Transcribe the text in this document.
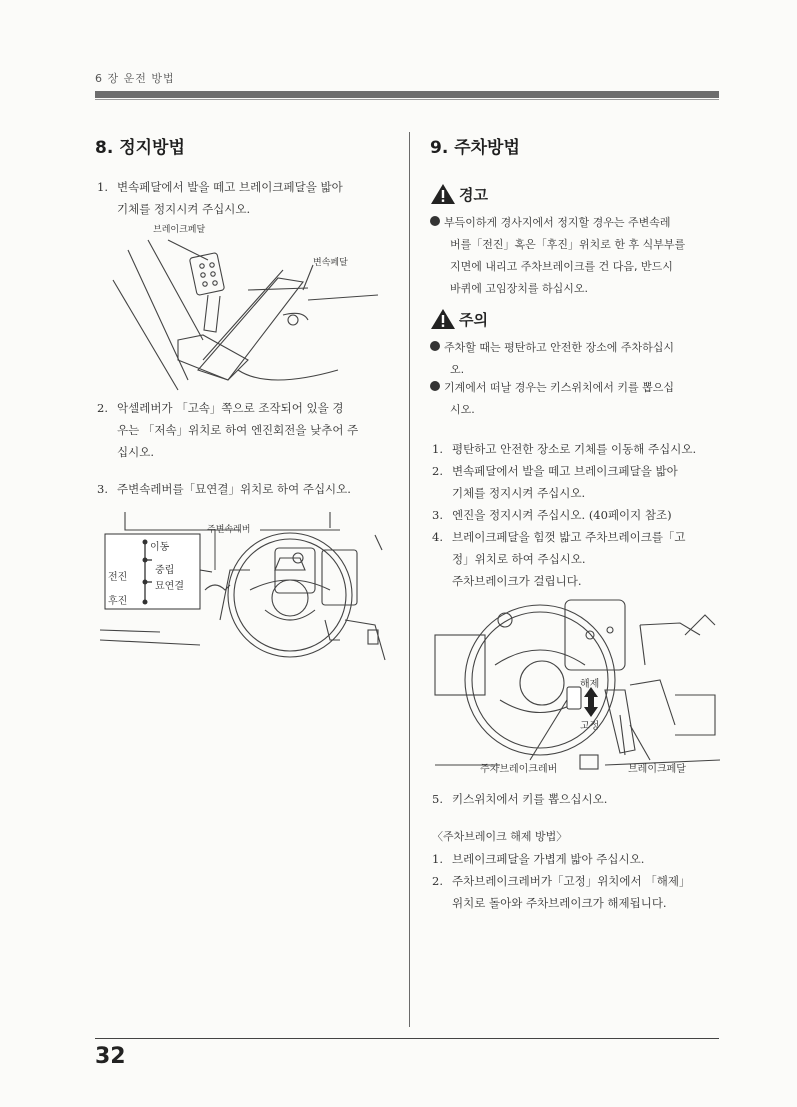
6 장 운전 방법
8. 정지방법
1. 변속페달에서 발을 떼고 브레이크페달을 밟아
기체를 정지시켜 주십시오.
브레이크페달
변속페달
2. 악셀레버가 「고속」쪽으로 조작되어 있을 경
우는 「저속」위치로 하여 엔진회전을 낮추어 주
십시오.
3. 주변속레버를「묘연결」위치로 하여 주십시오.
주변속레버
이동
중립
전진
묘연결
후진
9. 주차방법
경고
부득이하게 경사지에서 정지할 경우는 주변속레
버를「전진」혹은「후진」위치로 한 후 식부부를
지면에 내리고 주차브레이크를 건 다음, 반드시
바퀴에 고임장치를 하십시오.
주의
주차할 때는 평탄하고 안전한 장소에 주차하십시
오.
기계에서 떠날 경우는 키스위치에서 키를 뽑으십
시오.
1. 평탄하고 안전한 장소로 기체를 이동해 주십시오.
2. 변속페달에서 발을 떼고 브레이크페달을 밟아
기체를 정지시켜 주십시오.
3. 엔진을 정지시켜 주십시오. (40페이지 참조)
4. 브레이크페달을 힘껏 밟고 주차브레이크를「고
정」위치로 하여 주십시오.
주차브레이크가 걸립니다.
해제
고정
주차브레이크레버	브레이크페달
5. 키스위치에서 키를 뽑으십시오.
〈주차브레이크 해제 방법〉
1. 브레이크페달을 가볍게 밟아 주십시오.
2. 주차브레이크레버가「고정」위치에서 「해제」
위치로 돌아와 주차브레이크가 해제됩니다.
32
